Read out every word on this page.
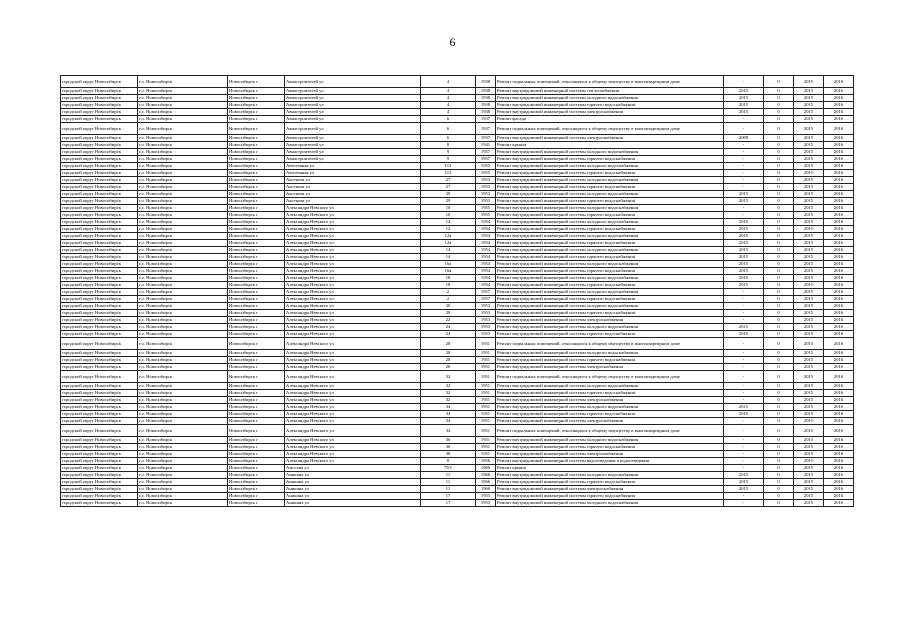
6
городской округ Новосибирск	г.о. Новосибирск	Новосибирск г	Авиастроителей ул	4	1938	Ремонт подвальных помещений, относящихся к общему имуществу в многоквартирном доме	-	0	2015	2016
городской округ Новосибирск	г.о. Новосибирск	Новосибирск г	Авиастроителей ул	4	1938	Ремонт внутридомовой инженерной системы теплоснабжения	2015	0	2015	2016
городской округ Новосибирск	г.о. Новосибирск	Новосибирск г	Авиастроителей ул	4	1938	Ремонт внутридомовой инженерной системы холодного водоснабжения	2015	0	2015	2016
городской округ Новосибирск	г.о. Новосибирск	Новосибирск г	Авиастроителей ул	4	1938	Ремонт внутридомовой инженерной системы горячего водоснабжения	2015	0	2015	2016
городской округ Новосибирск	г.о. Новосибирск	Новосибирск г	Авиастроителей ул	4	1938	Ремонт внутридомовой инженерной системы электроснабжения	2015	0	2015	2016
городской округ Новосибирск	г.о. Новосибирск	Новосибирск г	Авиастроителей ул	6	1937	Ремонт фасада	-	0	2015	2016
городской округ Новосибирск	г.о. Новосибирск	Новосибирск г	Авиастроителей ул	6	1937	Ремонт подвальных помещений, относящихся к общему имуществу в многоквартирном доме	-	0	2015	2016
городской округ Новосибирск	г.о. Новосибирск	Новосибирск г	Авиастроителей ул	6	1937	Ремонт внутридомовой инженерной системы электроснабжения	2009	0	2015	2016
городской округ Новосибирск	г.о. Новосибирск	Новосибирск г	Авиастроителей ул	8	1941	Ремонт крыши	-	0	2015	2016
городской округ Новосибирск	г.о. Новосибирск	Новосибирск г	Авиастроителей ул	9	1957	Ремонт внутридомовой инженерной системы холодного водоснабжения	-	0	2015	2016
городской округ Новосибирск	г.о. Новосибирск	Новосибирск г	Авиастроителей ул	9	1957	Ремонт внутридомовой инженерной системы горячего водоснабжения	-	0	2015	2016
городской округ Новосибирск	г.о. Новосибирск	Новосибирск г	Автогенная ул	113	1955	Ремонт внутридомовой инженерной системы холодного водоснабжения	-	0	2015	2016
городской округ Новосибирск	г.о. Новосибирск	Новосибирск г	Автогенная ул	113	1955	Ремонт внутридомовой инженерной системы горячего водоснабжения	-	0	2015	2016
городской округ Новосибирск	г.о. Новосибирск	Новосибирск г	Аксенова ул	27	1953	Ремонт внутридомовой инженерной системы холодного водоснабжения	-	0	2015	2016
городской округ Новосибирск	г.о. Новосибирск	Новосибирск г	Аксенова ул	27	1953	Ремонт внутридомовой инженерной системы горячего водоснабжения	-	0	2015	2016
городской округ Новосибирск	г.о. Новосибирск	Новосибирск г	Аксенова ул	29	1953	Ремонт внутридомовой инженерной системы холодного водоснабжения	2015	0	2015	2016
городской округ Новосибирск	г.о. Новосибирск	Новосибирск г	Аксенова ул	29	1953	Ремонт внутридомовой инженерной системы горячего водоснабжения	2015	0	2015	2016
городской округ Новосибирск	г.о. Новосибирск	Новосибирск г	Александра Невского ул	10	1955	Ремонт внутридомовой инженерной системы холодного водоснабжения	-	0	2015	2016
городской округ Новосибирск	г.о. Новосибирск	Новосибирск г	Александра Невского ул	10	1955	Ремонт внутридомовой инженерной системы горячего водоснабжения	-	0	2015	2016
городской округ Новосибирск	г.о. Новосибирск	Новосибирск г	Александра Невского ул	12	1954	Ремонт внутридомовой инженерной системы холодного водоснабжения	2015	0	2015	2016
городской округ Новосибирск	г.о. Новосибирск	Новосибирск г	Александра Невского ул	12	1954	Ремонт внутридомовой инженерной системы горячего водоснабжения	2015	0	2015	2016
городской округ Новосибирск	г.о. Новосибирск	Новосибирск г	Александра Невского ул	12а	1954	Ремонт внутридомовой инженерной системы холодного водоснабжения	2015	0	2015	2016
городской округ Новосибирск	г.о. Новосибирск	Новосибирск г	Александра Невского ул	12а	1954	Ремонт внутридомовой инженерной системы горячего водоснабжения	2015	0	2015	2016
городской округ Новосибирск	г.о. Новосибирск	Новосибирск г	Александра Невского ул	14	1954	Ремонт внутридомовой инженерной системы холодного водоснабжения	2015	0	2015	2016
городской округ Новосибирск	г.о. Новосибирск	Новосибирск г	Александра Невского ул	14	1954	Ремонт внутридомовой инженерной системы горячего водоснабжения	2015	0	2015	2016
городской округ Новосибирск	г.о. Новосибирск	Новосибирск г	Александра Невского ул	16а	1954	Ремонт внутридомовой инженерной системы холодного водоснабжения	2015	0	2015	2016
городской округ Новосибирск	г.о. Новосибирск	Новосибирск г	Александра Невского ул	16а	1954	Ремонт внутридомовой инженерной системы горячего водоснабжения	2015	0	2015	2016
городской округ Новосибирск	г.о. Новосибирск	Новосибирск г	Александра Невского ул	18	1954	Ремонт внутридомовой инженерной системы холодного водоснабжения	2015	0	2015	2016
городской округ Новосибирск	г.о. Новосибирск	Новосибирск г	Александра Невского ул	18	1954	Ремонт внутридомовой инженерной системы горячего водоснабжения	2015	0	2015	2016
городской округ Новосибирск	г.о. Новосибирск	Новосибирск г	Александра Невского ул	2	1957	Ремонт внутридомовой инженерной системы холодного водоснабжения	-	0	2015	2016
городской округ Новосибирск	г.о. Новосибирск	Новосибирск г	Александра Невского ул	2	1957	Ремонт внутридомовой инженерной системы горячего водоснабжения	-	0	2015	2016
городской округ Новосибирск	г.о. Новосибирск	Новосибирск г	Александра Невского ул	20	1953	Ремонт внутридомовой инженерной системы холодного водоснабжения	-	0	2015	2016
городской округ Новосибирск	г.о. Новосибирск	Новосибирск г	Александра Невского ул	20	1953	Ремонт внутридомовой инженерной системы горячего водоснабжения	-	0	2015	2016
городской округ Новосибирск	г.о. Новосибирск	Новосибирск г	Александра Невского ул	22	1953	Ремонт внутридомовой инженерной системы электроснабжения	-	0	2015	2016
городской округ Новосибирск	г.о. Новосибирск	Новосибирск г	Александра Невского ул	24	1953	Ремонт внутридомовой инженерной системы холодного водоснабжения	2015	0	2015	2016
городской округ Новосибирск	г.о. Новосибирск	Новосибирск г	Александра Невского ул	24	1953	Ремонт внутридомовой инженерной системы горячего водоснабжения	2015	0	2015	2016
городской округ Новосибирск	г.о. Новосибирск	Новосибирск г	Александра Невского ул	28	1951	Ремонт подвальных помещений, относящихся к общему имуществу в многоквартирном доме	-	0	2015	2016
городской округ Новосибирск	г.о. Новосибирск	Новосибирск г	Александра Невского ул	28	1951	Ремонт внутридомовой инженерной системы холодного водоснабжения	-	0	2015	2016
городской округ Новосибирск	г.о. Новосибирск	Новосибирск г	Александра Невского ул	28	1951	Ремонт внутридомовой инженерной системы горячего водоснабжения	-	0	2015	2016
городской округ Новосибирск	г.о. Новосибирск	Новосибирск г	Александра Невского ул	28	1951	Ремонт внутридомовой инженерной системы электроснабжения	-	0	2015	2016
городской округ Новосибирск	г.о. Новосибирск	Новосибирск г	Александра Невского ул	32	1951	Ремонт подвальных помещений, относящихся к общему имуществу в многоквартирном доме	-	0	2015	2016
городской округ Новосибирск	г.о. Новосибирск	Новосибирск г	Александра Невского ул	32	1951	Ремонт внутридомовой инженерной системы холодного водоснабжения	-	0	2015	2016
городской округ Новосибирск	г.о. Новосибирск	Новосибирск г	Александра Невского ул	32	1951	Ремонт внутридомовой инженерной системы горячего водоснабжения	-	0	2015	2016
городской округ Новосибирск	г.о. Новосибирск	Новосибирск г	Александра Невского ул	32	1951	Ремонт внутридомовой инженерной системы электроснабжения	-	0	2015	2016
городской округ Новосибирск	г.о. Новосибирск	Новосибирск г	Александра Невского ул	34	1951	Ремонт внутридомовой инженерной системы холодного водоснабжения	2015	0	2015	2016
городской округ Новосибирск	г.о. Новосибирск	Новосибирск г	Александра Невского ул	34	1951	Ремонт внутридомовой инженерной системы горячего водоснабжения	2015	0	2015	2016
городской округ Новосибирск	г.о. Новосибирск	Новосибирск г	Александра Невского ул	34	1951	Ремонт внутридомовой инженерной системы электроснабжения	-	0	2015	2016
городской округ Новосибирск	г.о. Новосибирск	Новосибирск г	Александра Невского ул	34	1951	Ремонт подвальных помещений, относящихся к общему имуществу в многоквартирном доме	-	0	2015	2016
городской округ Новосибирск	г.о. Новосибирск	Новосибирск г	Александра Невского ул	36	1951	Ремонт внутридомовой инженерной системы холодного водоснабжения	-	0	2015	2016
городской округ Новосибирск	г.о. Новосибирск	Новосибирск г	Александра Невского ул	36	1951	Ремонт внутридомовой инженерной системы горячего водоснабжения	-	0	2015	2016
городской округ Новосибирск	г.о. Новосибирск	Новосибирск г	Александра Невского ул	38	1951	Ремонт внутридомовой инженерной системы электроснабжения	-	0	2015	2016
городской округ Новосибирск	г.о. Новосибирск	Новосибирск г	Александра Невского ул	8	1956	Ремонт внутридомовой инженерной системы водоотведения и водоотведения	-	0	2015	2016
городской округ Новосибирск	г.о. Новосибирск	Новосибирск г	Амосова ул	79/1	1960	Ремонт крыши	-	0	2015	2016
городской округ Новосибирск	г.о. Новосибирск	Новосибирск г	Аникина ул	11	1966	Ремонт внутридомовой инженерной системы холодного водоснабжения	2015	0	2015	2016
городской округ Новосибирск	г.о. Новосибирск	Новосибирск г	Аникина ул	11	1966	Ремонт внутридомовой инженерной системы горячего водоснабжения	2015	0	2015	2016
городской округ Новосибирск	г.о. Новосибирск	Новосибирск г	Аникина ул	11	1966	Ремонт внутридомовой инженерной системы электроснабжения	2015	0	2015	2016
городской округ Новосибирск	г.о. Новосибирск	Новосибирск г	Аникина ул	17	1953	Ремонт внутридомовой инженерной системы горячего водоснабжения	-	0	2015	2016
городской округ Новосибирск	г.о. Новосибирск	Новосибирск г	Аникина ул	17	1953	Ремонт внутридомовой инженерной системы холодного водоснабжения	-	0	2015	2016
